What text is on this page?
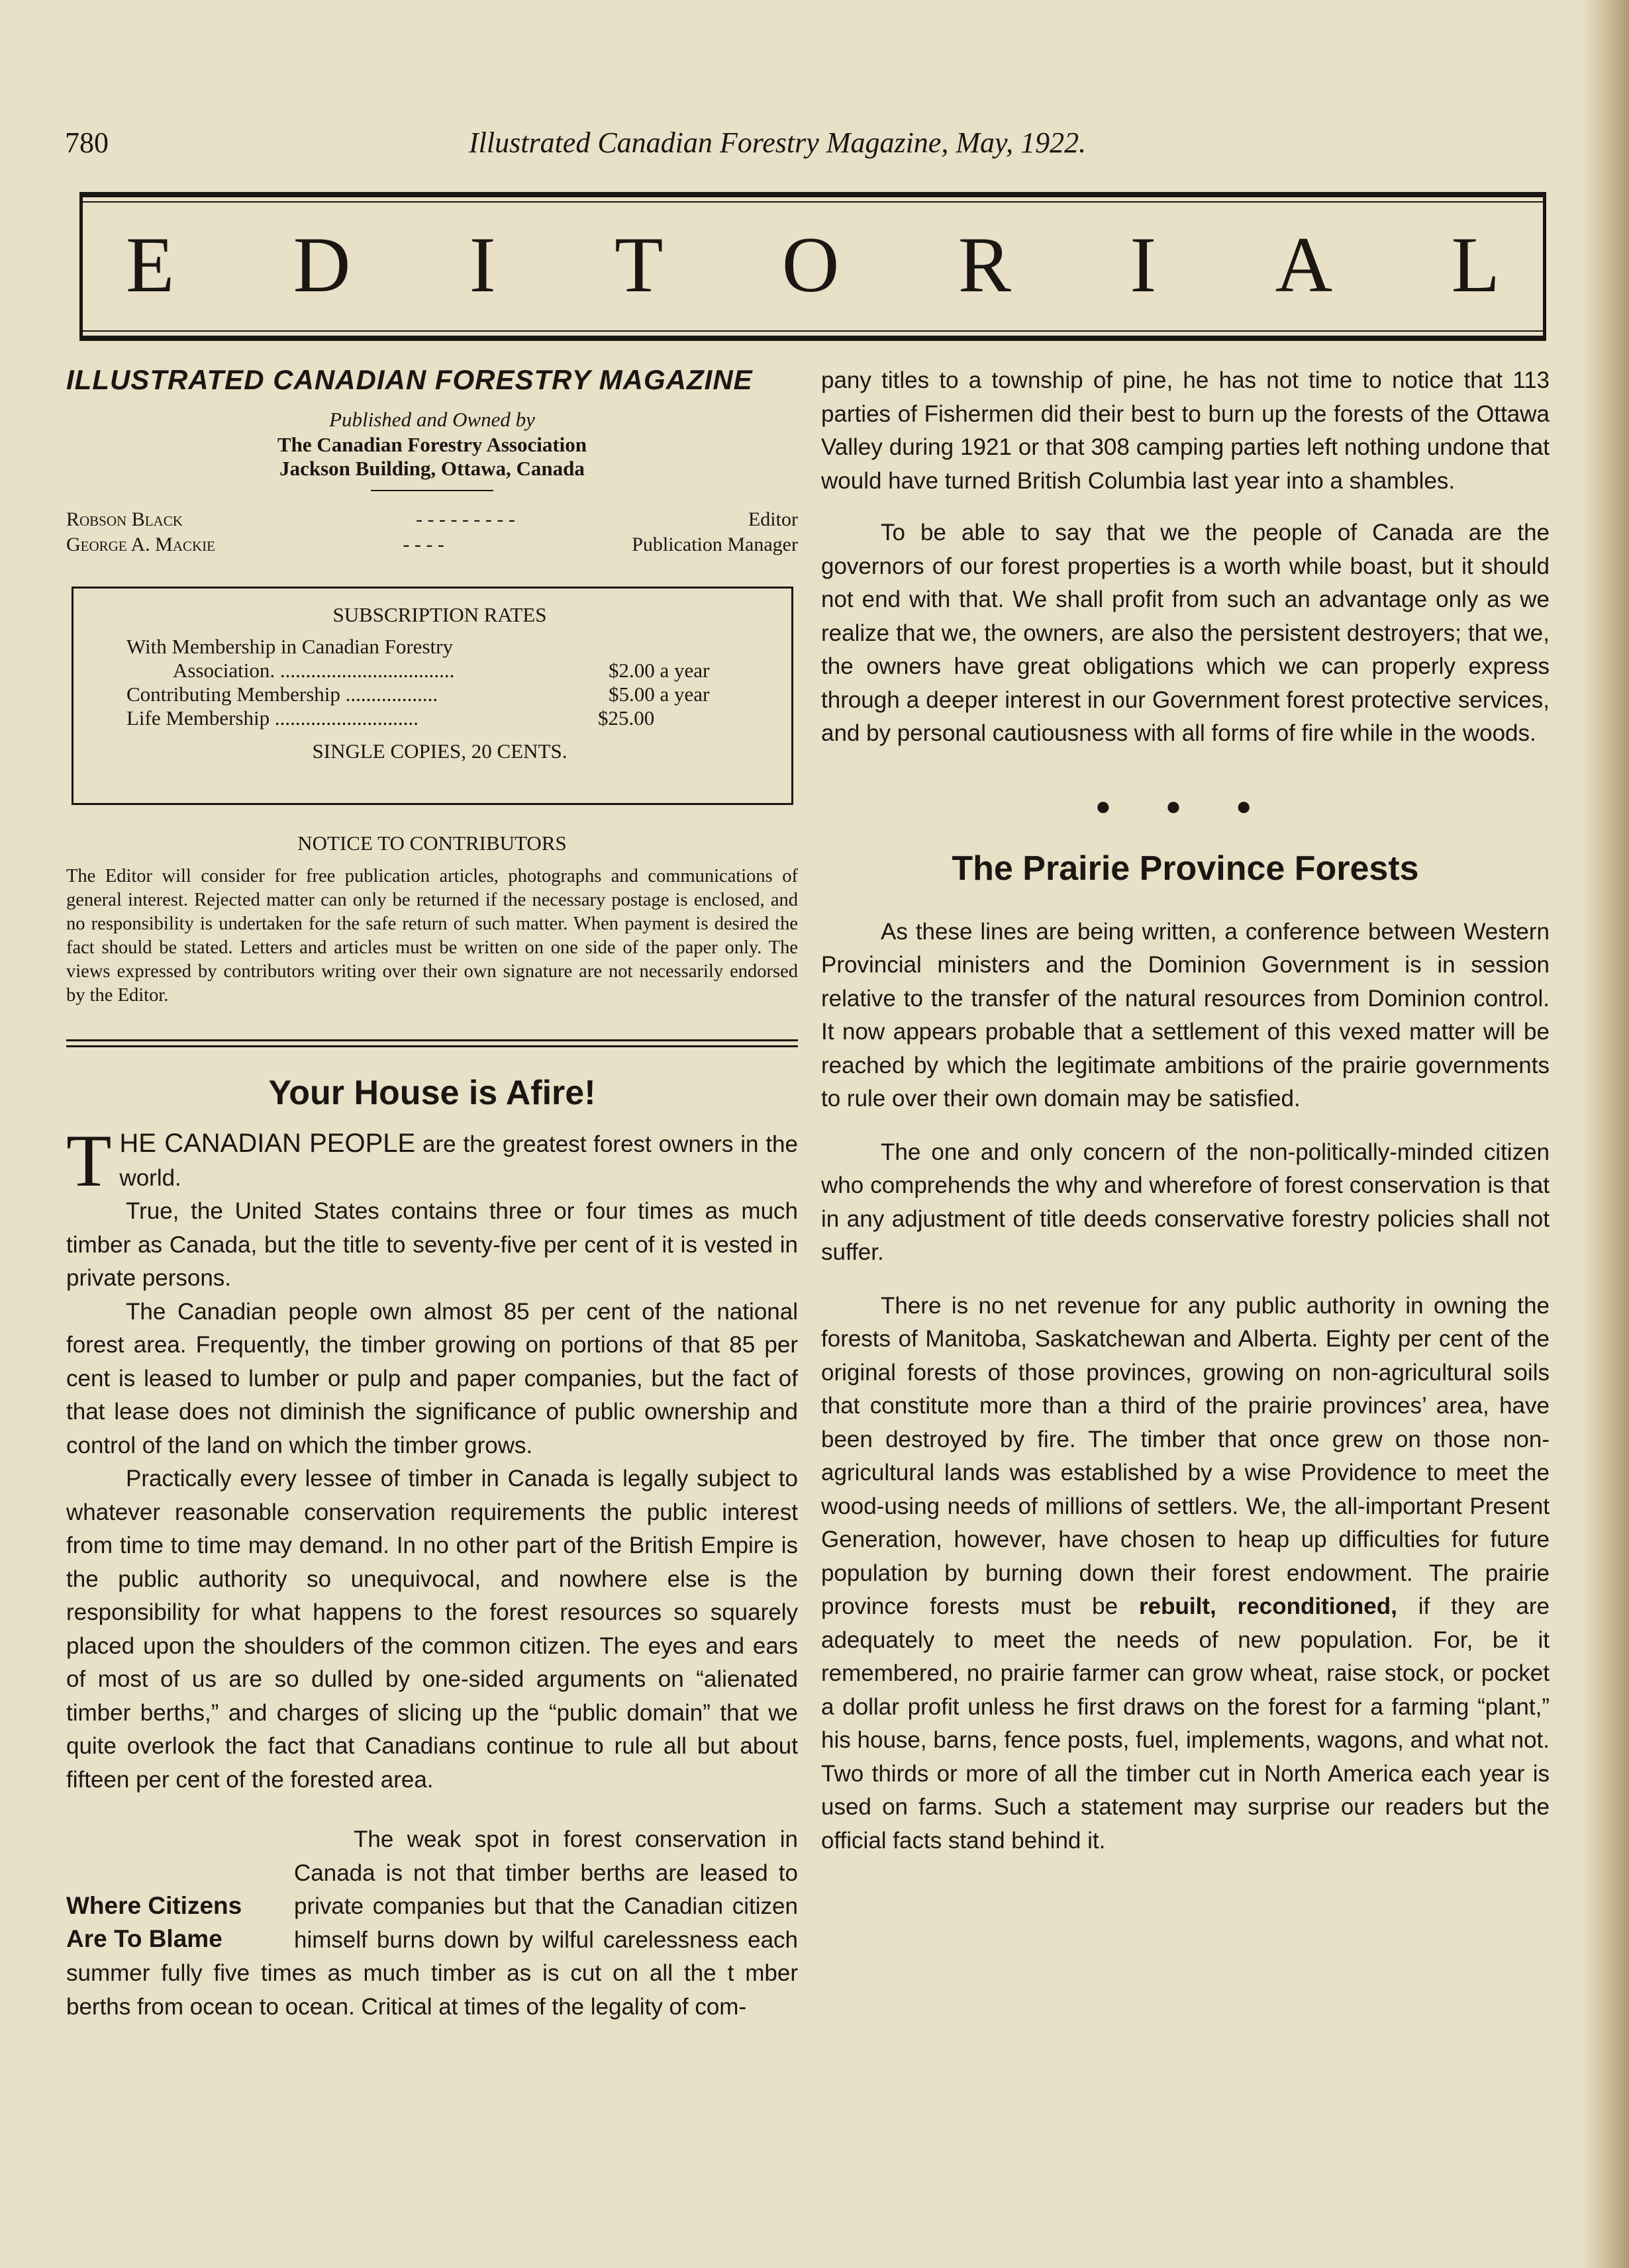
780	Illustrated Canadian Forestry Magazine, May, 1922.
E D I T O R I A L

ILLUSTRATED CANADIAN FORESTRY MAGAZINE

Published and Owned by

The Canadian Forestry Association

Jackson Building, Ottawa, Canada

Robson Black	- - - - - - - - -	Editor
George A. Mackie	- - - -	Publication Manager
SUBSCRIPTION RATES
With Membership in Canadian Forestry
Association. ..................................	$2.00 a year
Contributing Membership ..................	$5.00 a year
Life Membership ............................	$25.00
SINGLE COPIES, 20 CENTS.

NOTICE TO CONTRIBUTORS

The Editor will consider for free publication articles, photographs and communications of general interest. Rejected matter can only be returned if the necessary postage is enclosed, and no responsibility is undertaken for the safe return of such matter. When payment is desired the fact should be stated. Letters and articles must be written on one side of the paper only. The views expressed by contributors writing over their own signature are not necessarily endorsed by the Editor.

Your House is Afire!

THE CANADIAN PEOPLE are the greatest forest owners in the world.

True, the United States contains three or four times as much timber as Canada, but the title to seventy-five per cent of it is vested in private persons.

The Canadian people own almost 85 per cent of the national forest area. Frequently, the timber growing on portions of that 85 per cent is leased to lumber or pulp and paper companies, but the fact of that lease does not diminish the significance of public ownership and control of the land on which the timber grows.

Practically every lessee of timber in Canada is legally subject to whatever reasonable conservation requirements the public interest from time to time may demand. In no other part of the British Empire is the public authority so unequivocal, and nowhere else is the responsibility for what happens to the forest resources so squarely placed upon the shoulders of the common citizen. The eyes and ears of most of us are so dulled by one-sided arguments on “alienated timber berths,” and charges of slicing up the “public domain” that we quite overlook the fact that Canadians continue to rule all but about fifteen per cent of the forested area.

Where Citizens Are To Blame

The weak spot in forest conservation in Canada is not that timber berths are leased to private companies but that the Canadian citizen himself burns down by wilful carelessness each summer fully five times as much timber as is cut on all the t mber berths from ocean to ocean. Critical at times of the legality of com-

pany titles to a township of pine, he has not time to notice that 113 parties of Fishermen did their best to burn up the forests of the Ottawa Valley during 1921 or that 308 camping parties left nothing undone that would have turned British Columbia last year into a shambles.

To be able to say that we the people of Canada are the governors of our forest properties is a worth while boast, but it should not end with that. We shall profit from such an advantage only as we realize that we, the owners, are also the persistent destroyers; that we, the owners have great obligations which we can properly express through a deeper interest in our Government forest protective services, and by personal cautiousness with all forms of fire while in the woods.

● ● ●
The Prairie Province Forests

As these lines are being written, a conference between Western Provincial ministers and the Dominion Government is in session relative to the transfer of the natural resources from Dominion control. It now appears probable that a settlement of this vexed matter will be reached by which the legitimate ambitions of the prairie governments to rule over their own domain may be satisfied.

The one and only concern of the non-politically-minded citizen who comprehends the why and wherefore of forest conservation is that in any adjustment of title deeds conservative forestry policies shall not suffer.

There is no net revenue for any public authority in owning the forests of Manitoba, Saskatchewan and Alberta. Eighty per cent of the original forests of those provinces, growing on non-agricultural soils that constitute more than a third of the prairie provinces’ area, have been destroyed by fire. The timber that once grew on those non-agricultural lands was established by a wise Providence to meet the wood-using needs of millions of settlers. We, the all-important Present Generation, however, have chosen to heap up difficulties for future population by burning down their forest endowment. The prairie province forests must be rebuilt, reconditioned, if they are adequately to meet the needs of new population. For, be it remembered, no prairie farmer can grow wheat, raise stock, or pocket a dollar profit unless he first draws on the forest for a farming “plant,” his house, barns, fence posts, fuel, implements, wagons, and what not. Two thirds or more of all the timber cut in North America each year is used on farms. Such a statement may surprise our readers but the official facts stand behind it.
